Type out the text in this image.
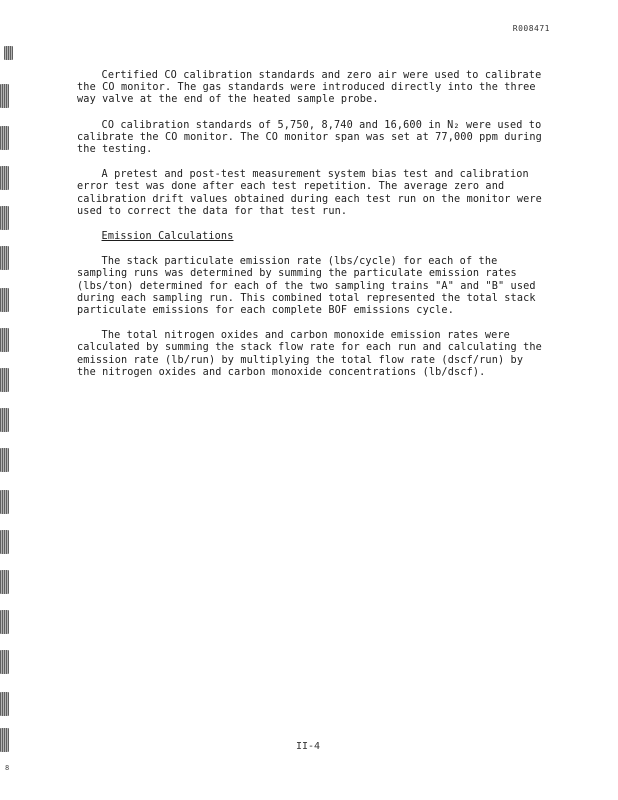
R008471

Certified CO calibration standards and zero air were used to calibrate the CO monitor. The gas standards were introduced directly into the three way valve at the end of the heated sample probe.

CO calibration standards of 5,750, 8,740 and 16,600 in N₂ were used to calibrate the CO monitor. The CO monitor span was set at 77,000 ppm during the testing.

A pretest and post-test measurement system bias test and calibration error test was done after each test repetition. The average zero and calibration drift values obtained during each test run on the monitor were used to correct the data for that test run.

Emission Calculations

The stack particulate emission rate (lbs/cycle) for each of the sampling runs was determined by summing the particulate emission rates (lbs/ton) determined for each of the two sampling trains "A" and "B" used during each sampling run. This combined total represented the total stack particulate emissions for each complete BOF emissions cycle.

The total nitrogen oxides and carbon monoxide emission rates were calculated by summing the stack flow rate for each run and calculating the emission rate (lb/run) by multiplying the total flow rate (dscf/run) by the nitrogen oxides and carbon monoxide concentrations (lb/dscf).

II-4
8
